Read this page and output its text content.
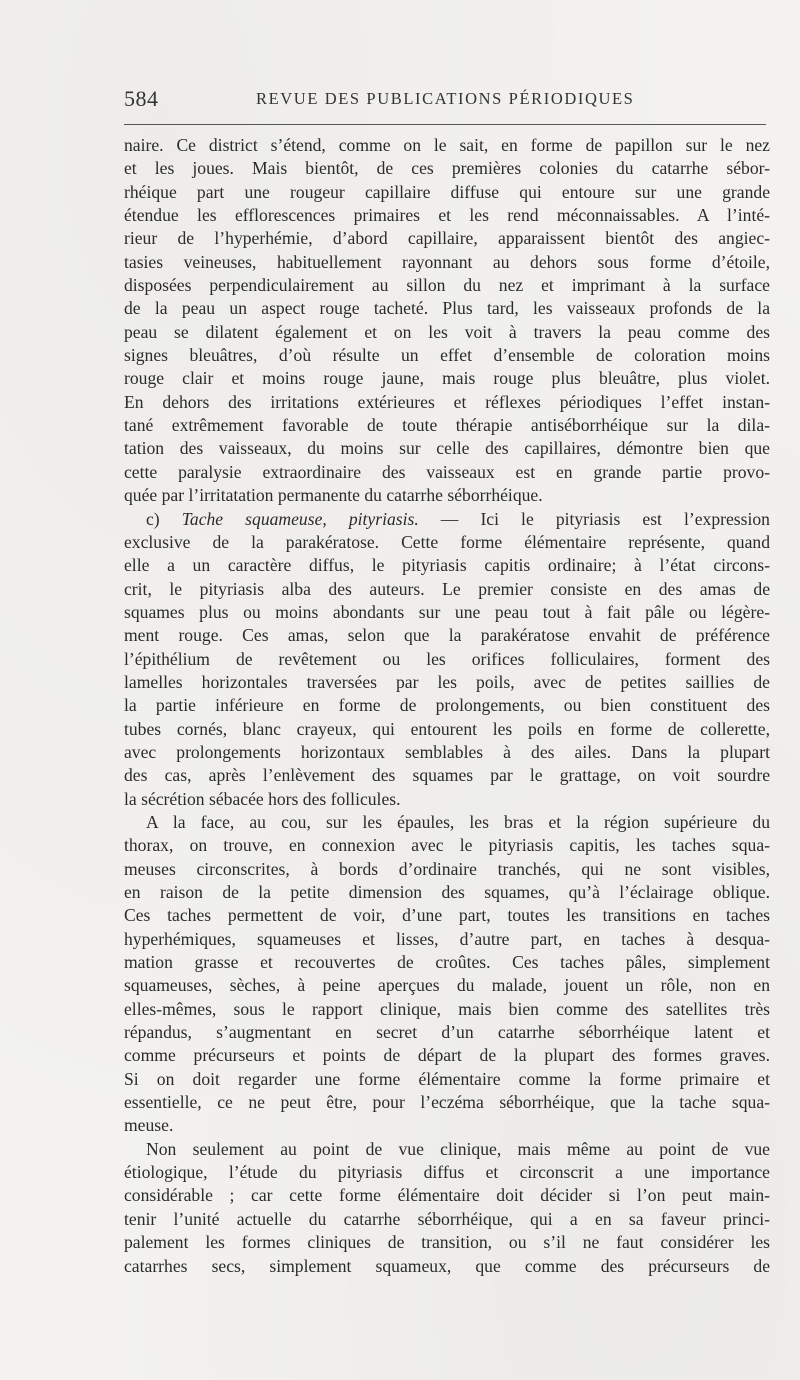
584	REVUE DES PUBLICATIONS PÉRIODIQUES
naire. Ce district s’étend, comme on le sait, en forme de papillon sur le nez
et les joues. Mais bientôt, de ces premières colonies du catarrhe sébor-
rhéique part une rougeur capillaire diffuse qui entoure sur une grande
étendue les efflorescences primaires et les rend méconnaissables. A l’inté-
rieur de l’hyperhémie, d’abord capillaire, apparaissent bientôt des angiec-
tasies veineuses, habituellement rayonnant au dehors sous forme d’étoile,
disposées perpendiculairement au sillon du nez et imprimant à la surface
de la peau un aspect rouge tacheté. Plus tard, les vaisseaux profonds de la
peau se dilatent également et on les voit à travers la peau comme des
signes bleuâtres, d’où résulte un effet d’ensemble de coloration moins
rouge clair et moins rouge jaune, mais rouge plus bleuâtre, plus violet.
En dehors des irritations extérieures et réflexes périodiques l’effet instan-
tané extrêmement favorable de toute thérapie antiséborrhéique sur la dila-
tation des vaisseaux, du moins sur celle des capillaires, démontre bien que
cette paralysie extraordinaire des vaisseaux est en grande partie provo-
quée par l’irritatation permanente du catarrhe séborrhéique.
c) Tache squameuse, pityriasis. — Ici le pityriasis est l’expression
exclusive de la parakératose. Cette forme élémentaire représente, quand
elle a un caractère diffus, le pityriasis capitis ordinaire; à l’état circons-
crit, le pityriasis alba des auteurs. Le premier consiste en des amas de
squames plus ou moins abondants sur une peau tout à fait pâle ou légère-
ment rouge. Ces amas, selon que la parakératose envahit de préférence
l’épithélium de revêtement ou les orifices folliculaires, forment des
lamelles horizontales traversées par les poils, avec de petites saillies de
la partie inférieure en forme de prolongements, ou bien constituent des
tubes cornés, blanc crayeux, qui entourent les poils en forme de collerette,
avec prolongements horizontaux semblables à des ailes. Dans la plupart
des cas, après l’enlèvement des squames par le grattage, on voit sourdre
la sécrétion sébacée hors des follicules.
A la face, au cou, sur les épaules, les bras et la région supérieure du
thorax, on trouve, en connexion avec le pityriasis capitis, les taches squa-
meuses circonscrites, à bords d’ordinaire tranchés, qui ne sont visibles,
en raison de la petite dimension des squames, qu’à l’éclairage oblique.
Ces taches permettent de voir, d’une part, toutes les transitions en taches
hyperhémiques, squameuses et lisses, d’autre part, en taches à desqua-
mation grasse et recouvertes de croûtes. Ces taches pâles, simplement
squameuses, sèches, à peine aperçues du malade, jouent un rôle, non en
elles-mêmes, sous le rapport clinique, mais bien comme des satellites très
répandus, s’augmentant en secret d’un catarrhe séborrhéique latent et
comme précurseurs et points de départ de la plupart des formes graves.
Si on doit regarder une forme élémentaire comme la forme primaire et
essentielle, ce ne peut être, pour l’eczéma séborrhéique, que la tache squa-
meuse.
Non seulement au point de vue clinique, mais même au point de vue
étiologique, l’étude du pityriasis diffus et circonscrit a une importance
considérable ; car cette forme élémentaire doit décider si l’on peut main-
tenir l’unité actuelle du catarrhe séborrhéique, qui a en sa faveur princi-
palement les formes cliniques de transition, ou s’il ne faut considérer les
catarrhes secs, simplement squameux, que comme des précurseurs de
